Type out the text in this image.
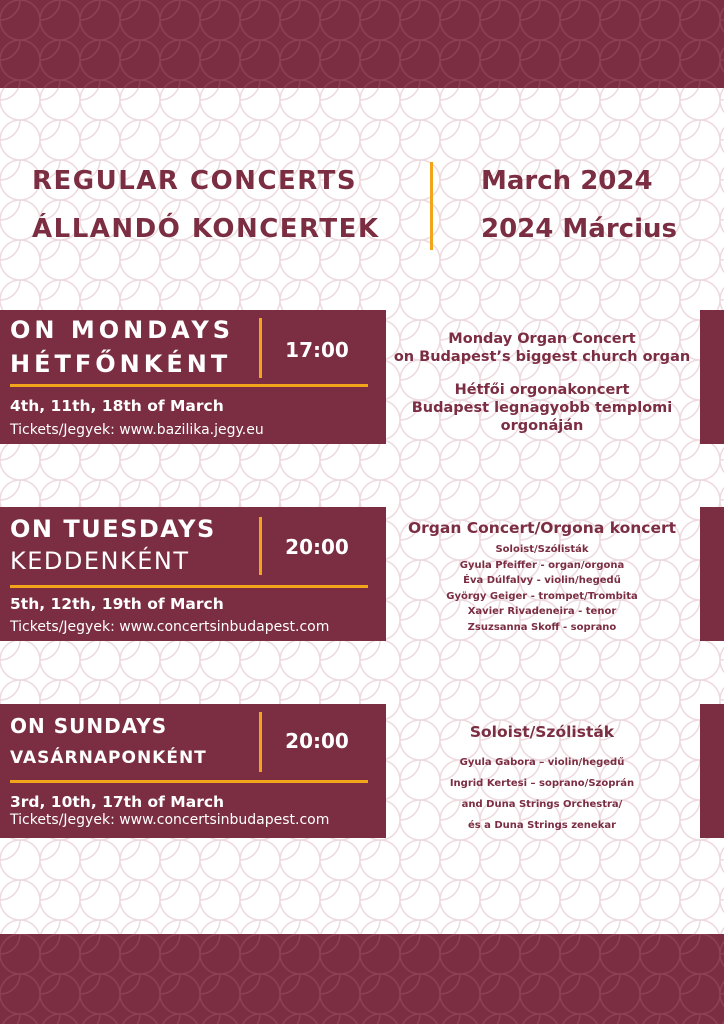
REGULAR CONCERTS
ÁLLANDÓ KONCERTEK
March 2024
2024 Március
ON MONDAYS
HÉTFŐNKÉNT	17:00
4th, 11th, 18th of March
Tickets/Jegyek: www.bazilika.jegy.eu

Monday Organ Concert

on Budapest’s biggest church organ

Hétfői orgonakoncert

Budapest legnagyobb templomi

orgonáján

ON TUESDAYS
KEDDENKÉNT	20:00
5th, 12th, 19th of March
Tickets/Jegyek: www.concertsinbudapest.com

Organ Concert/Orgona koncert

Soloist/Szólisták

Gyula Pfeiffer - organ/orgona

Éva Dúlfalvy - violin/hegedű

György Geiger - trompet/Trombita

Xavier Rivadeneira - tenor

Zsuzsanna Skoff - soprano

ON SUNDAYS
VASÁRNAPONKÉNT
20:00
3rd, 10th, 17th of March
Tickets/Jegyek: www.concertsinbudapest.com

Soloist/Szólisták

Gyula Gabora – violin/hegedű

Ingrid Kertesi – soprano/Szoprán

and Duna Strings Orchestra/

és a Duna Strings zenekar
